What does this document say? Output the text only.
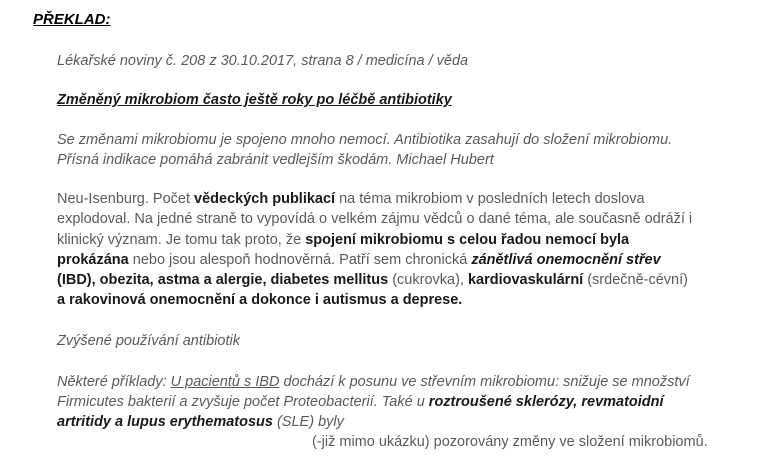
PŘEKLAD:
Lékařské noviny č. 208 z 30.10.2017, strana 8 / medicína / věda
Změněný mikrobiom často ještě roky po léčbě antibiotiky
Se změnami mikrobiomu je spojeno mnoho nemocí. Antibiotika zasahují do složení mikrobiomu.
Přísná indikace pomáhá zabránit vedlejším škodám. Michael Hubert
Neu-Isenburg. Počet vědeckých publikací na téma mikrobiom v posledních letech doslova
explodoval. Na jedné straně to vypovídá o velkém zájmu vědců o dané téma, ale současně odráží i
klinický význam. Je tomu tak proto, že spojení mikrobiomu s celou řadou nemocí byla
prokázána nebo jsou alespoň hodnověrná. Patří sem chronická zánětlivá onemocnění střev
(IBD), obezita, astma a alergie, diabetes mellitus (cukrovka), kardiovaskulární (srdečně-cévní)
a rakovinová onemocnění a dokonce i autismus a deprese.
Zvýšené používání antibiotik
Některé příklady: U pacientů s IBD dochází k posunu ve střevním mikrobiomu: snižuje se množství
Firmicutes bakterií a zvyšuje počet Proteobacterií. Také u roztroušené sklerózy, revmatoidní
artritidy a lupus erythematosus (SLE) byly
(-již mimo ukázku) pozorovány změny ve složení mikrobiomů.
